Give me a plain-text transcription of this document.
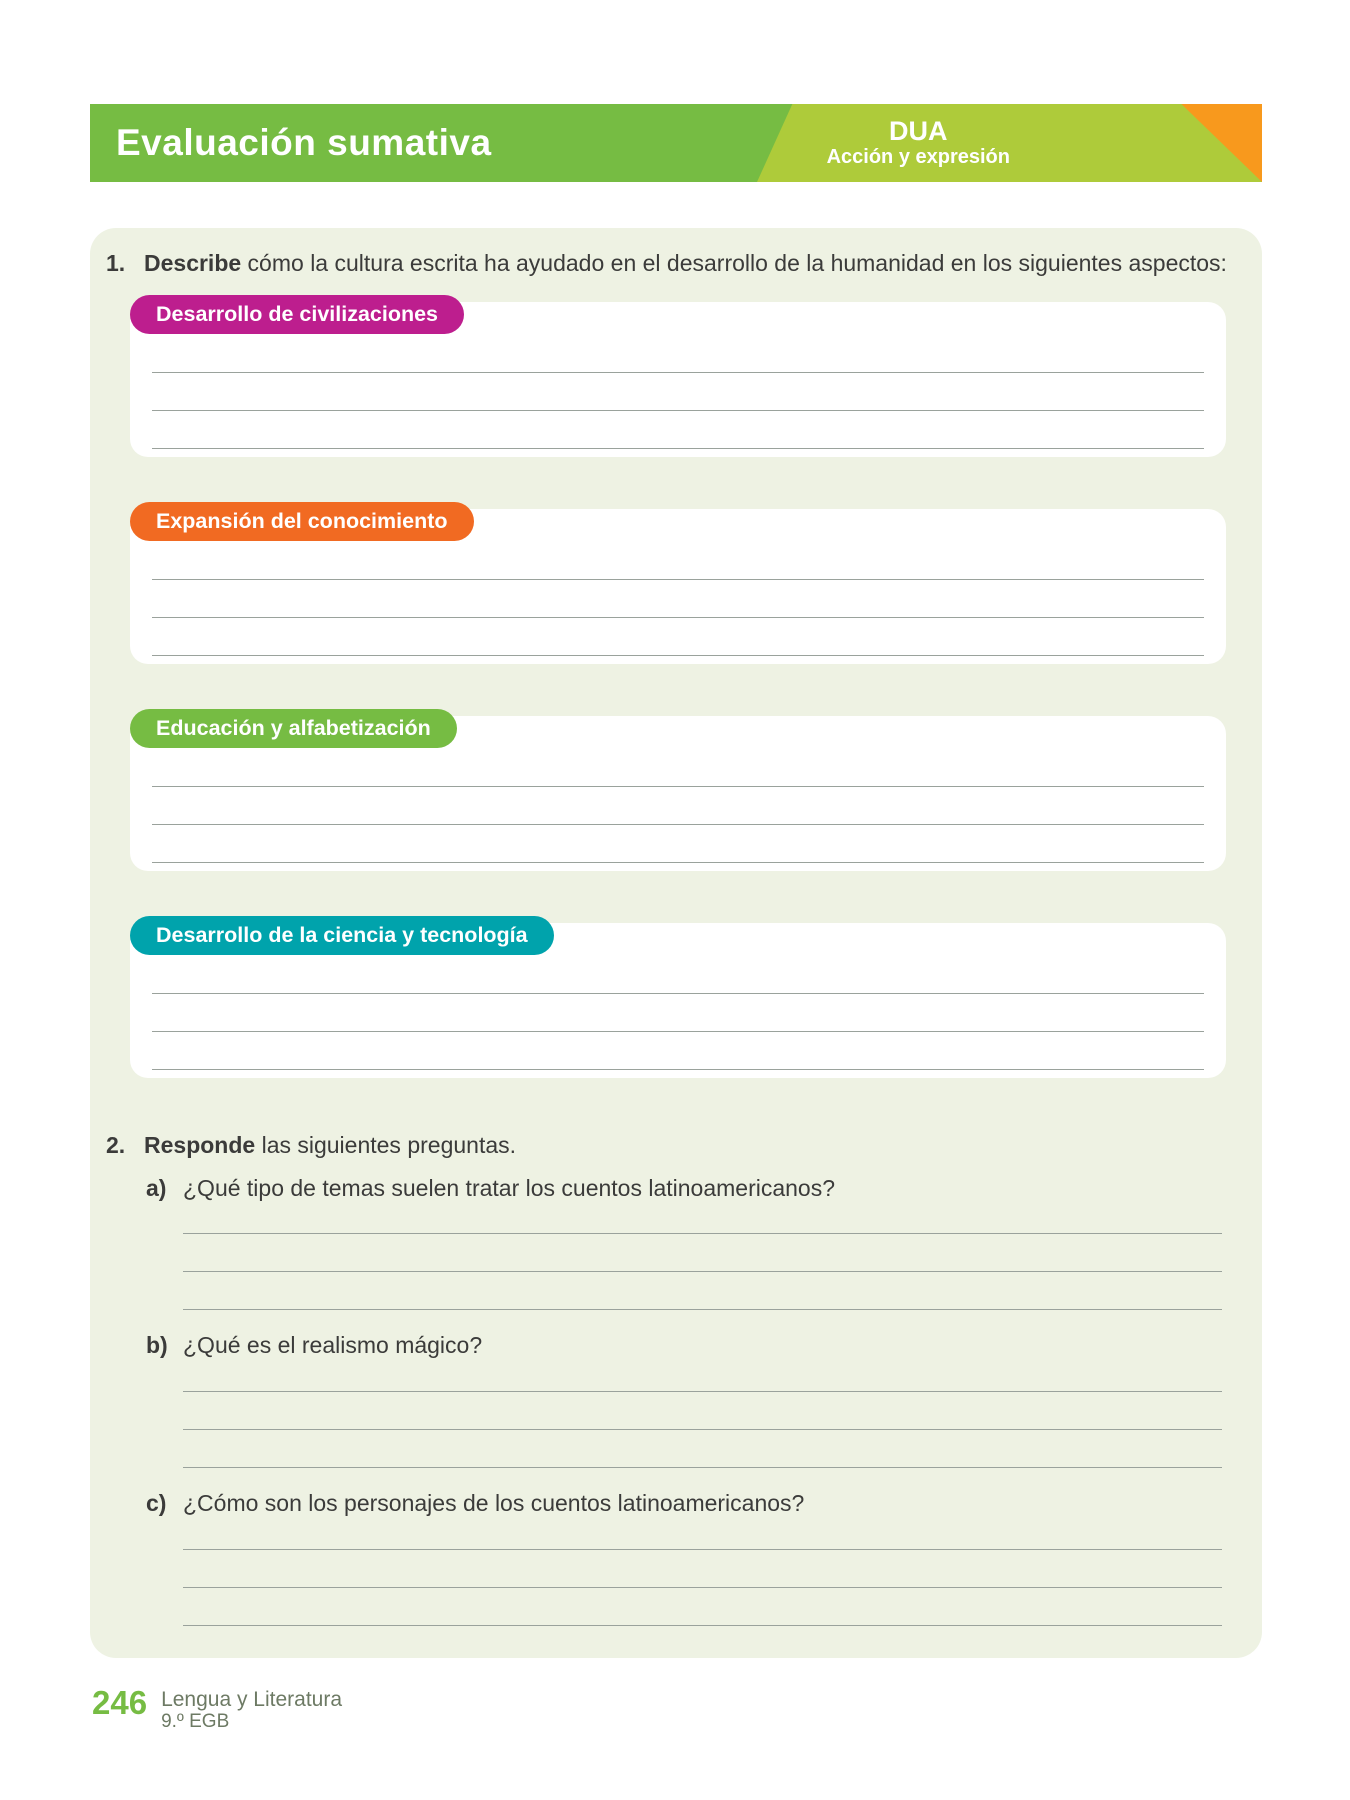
Evaluación sumativa	DUA
Acción y expresión
1. Describe cómo la cultura escrita ha ayudado en el desarrollo de la humanidad en los siguientes aspectos:
Desarrollo de civilizaciones
Expansión del conocimiento
Educación y alfabetización
Desarrollo de la ciencia y tecnología
2. Responde las siguientes preguntas.
a) ¿Qué tipo de temas suelen tratar los cuentos latinoamericanos?
b) ¿Qué es el realismo mágico?
c) ¿Cómo son los personajes de los cuentos latinoamericanos?
246 Lengua y Literatura
9.º EGB
